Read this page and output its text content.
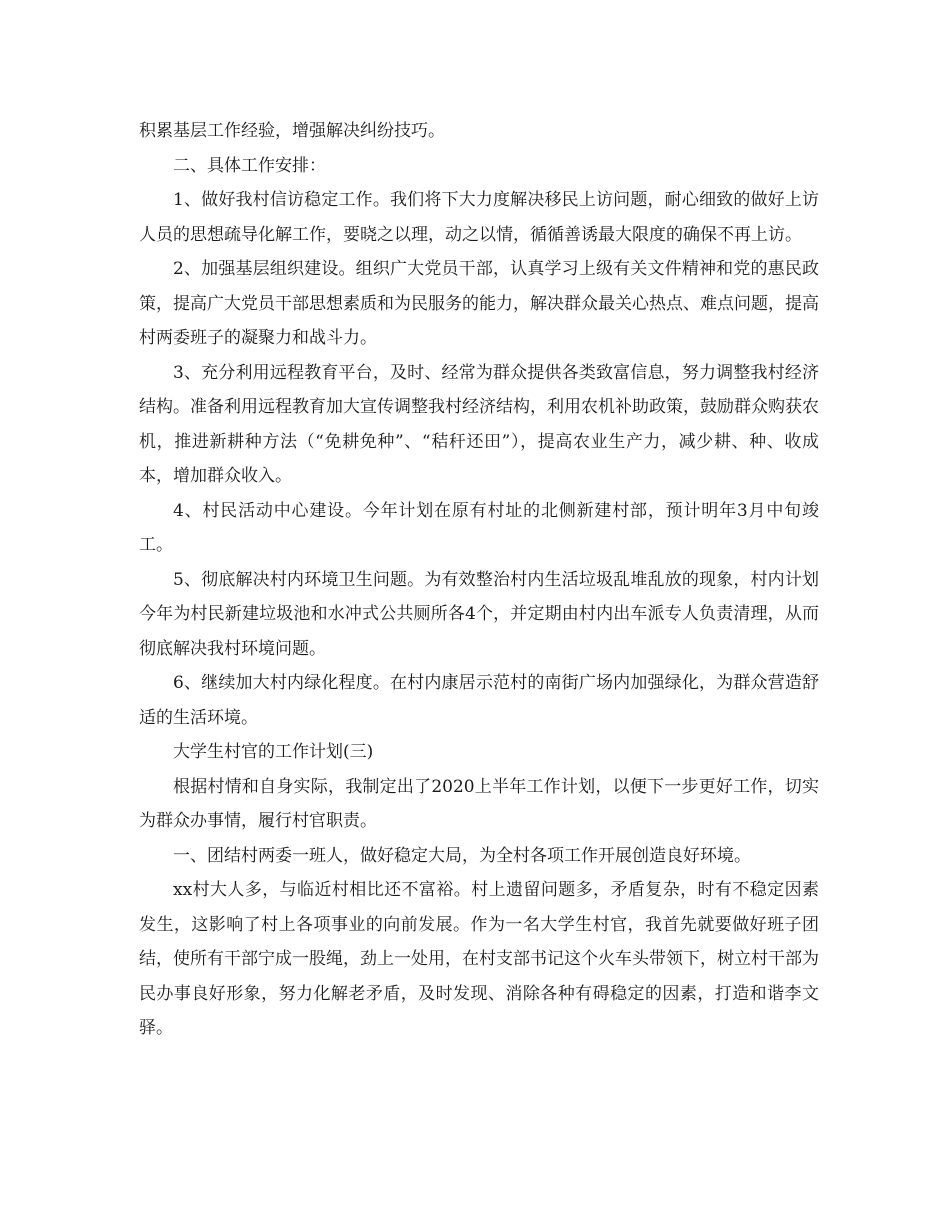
积累基层工作经验，增强解决纠纷技巧。

二、具体工作安排：

1、做好我村信访稳定工作。我们将下大力度解决移民上访问题，耐心细致的做好上访人员的思想疏导化解工作，要晓之以理，动之以情，循循善诱最大限度的确保不再上访。

2、加强基层组织建设。组织广大党员干部，认真学习上级有关文件精神和党的惠民政策，提高广大党员干部思想素质和为民服务的能力，解决群众最关心热点、难点问题，提高村两委班子的凝聚力和战斗力。

3、充分利用远程教育平台，及时、经常为群众提供各类致富信息，努力调整我村经济结构。准备利用远程教育加大宣传调整我村经济结构，利用农机补助政策，鼓励群众购获农机，推进新耕种方法（“免耕免种”、“秸秆还田”），提高农业生产力，减少耕、种、收成本，增加群众收入。

4、村民活动中心建设。今年计划在原有村址的北侧新建村部，预计明年3月中旬竣工。

5、彻底解决村内环境卫生问题。为有效整治村内生活垃圾乱堆乱放的现象，村内计划今年为村民新建垃圾池和水冲式公共厕所各4个，并定期由村内出车派专人负责清理，从而彻底解决我村环境问题。

6、继续加大村内绿化程度。在村内康居示范村的南街广场内加强绿化，为群众营造舒适的生活环境。

大学生村官的工作计划(三)

根据村情和自身实际，我制定出了2020上半年工作计划，以便下一步更好工作，切实为群众办事情，履行村官职责。

一、团结村两委一班人，做好稳定大局，为全村各项工作开展创造良好环境。

xx村大人多，与临近村相比还不富裕。村上遗留问题多，矛盾复杂，时有不稳定因素发生，这影响了村上各项事业的向前发展。作为一名大学生村官，我首先就要做好班子团结，使所有干部宁成一股绳，劲上一处用，在村支部书记这个火车头带领下，树立村干部为民办事良好形象，努力化解老矛盾，及时发现、消除各种有碍稳定的因素，打造和谐李文驿。
